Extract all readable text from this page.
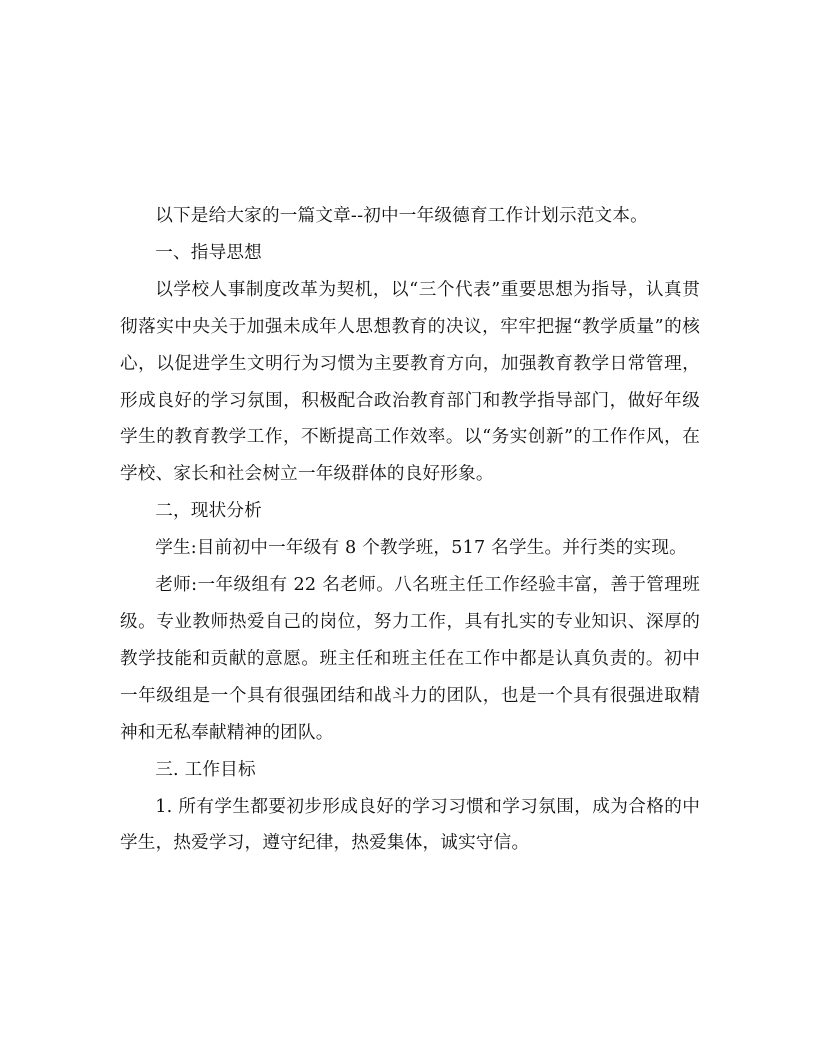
以下是给大家的一篇文章--初中一年级德育工作计划示范文本。

一、指导思想

以学校人事制度改革为契机，以“三个代表”重要思想为指导，认真贯彻落实中央关于加强未成年人思想教育的决议，牢牢把握“教学质量”的核心，以促进学生文明行为习惯为主要教育方向，加强教育教学日常管理，形成良好的学习氛围，积极配合政治教育部门和教学指导部门，做好年级学生的教育教学工作，不断提高工作效率。以“务实创新”的工作作风，在学校、家长和社会树立一年级群体的良好形象。

二，现状分析

学生:目前初中一年级有 8 个教学班，517 名学生。并行类的实现。

老师:一年级组有 22 名老师。八名班主任工作经验丰富，善于管理班级。专业教师热爱自己的岗位，努力工作，具有扎实的专业知识、深厚的教学技能和贡献的意愿。班主任和班主任在工作中都是认真负责的。初中一年级组是一个具有很强团结和战斗力的团队，也是一个具有很强进取精神和无私奉献精神的团队。

三. 工作目标

1. 所有学生都要初步形成良好的学习习惯和学习氛围，成为合格的中学生，热爱学习，遵守纪律，热爱集体，诚实守信。
